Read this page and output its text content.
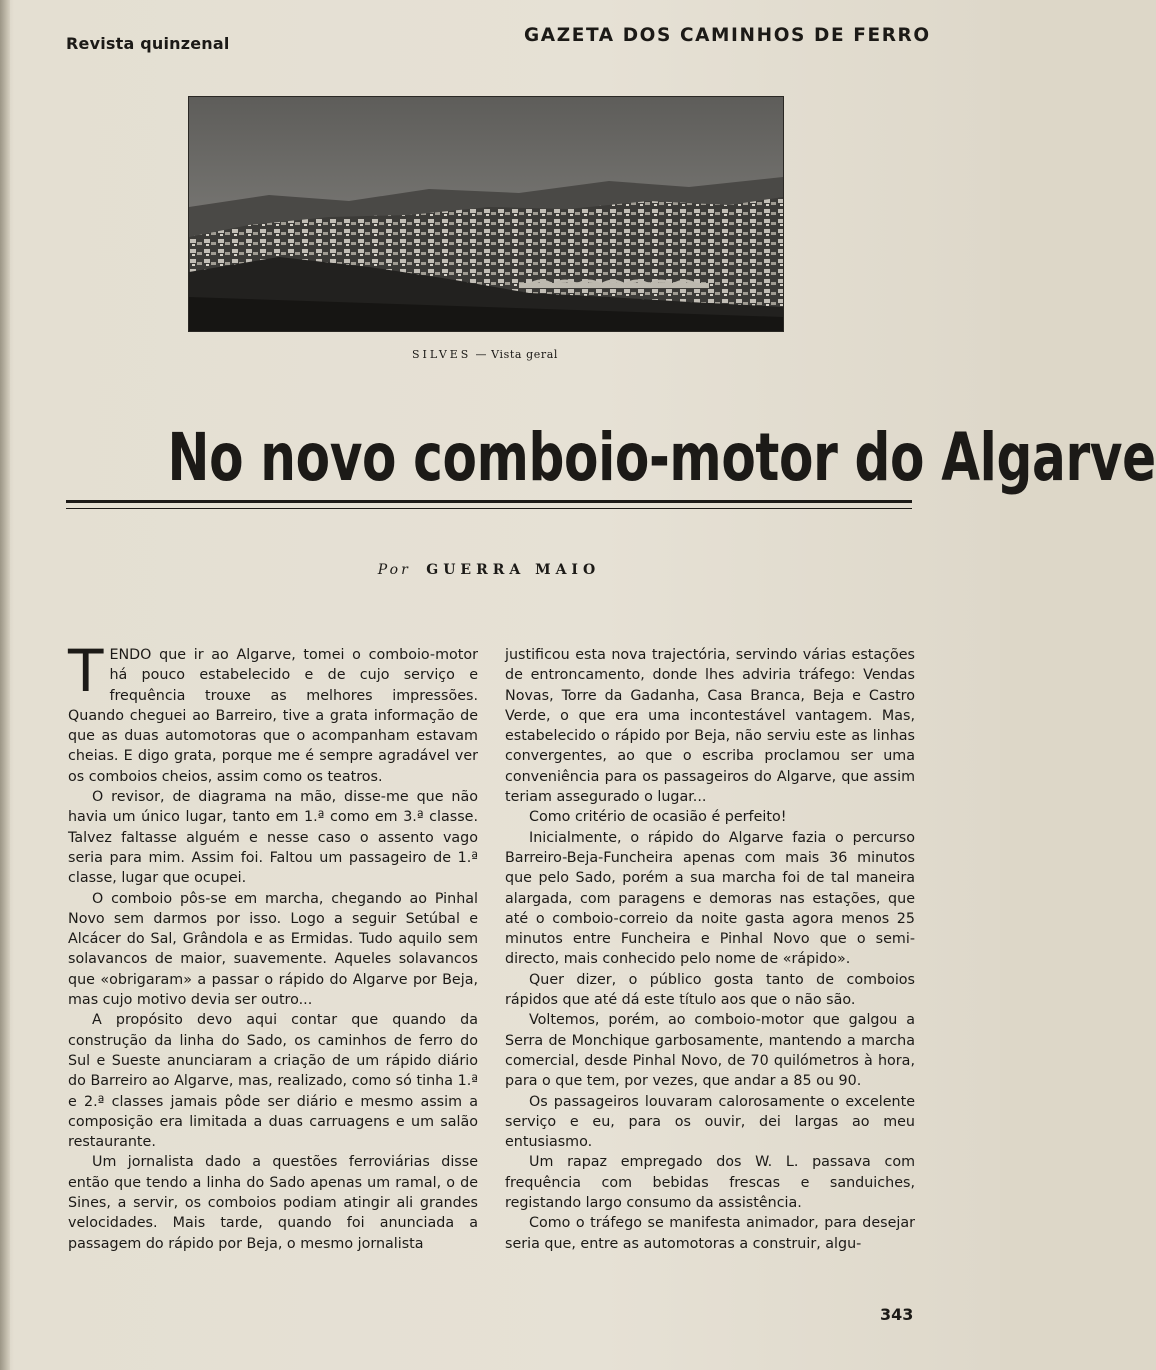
Revista quinzenal	GAZETA DOS CAMINHOS DE FERRO
SILVES — Vista geral
No novo comboio-motor do Algarve
Por GUERRA MAIO

TENDO que ir ao Algarve, tomei o comboio-motor há pouco estabelecido e de cujo serviço e frequência trouxe as melhores impressões. Quando cheguei ao Barreiro, tive a grata informação de que as duas automotoras que o acompanham estavam cheias. E digo grata, porque me é sempre agradável ver os comboios cheios, assim como os teatros.

O revisor, de diagrama na mão, disse-me que não havia um único lugar, tanto em 1.ª como em 3.ª classe. Talvez faltasse alguém e nesse caso o assento vago seria para mim. Assim foi. Faltou um passageiro de 1.ª classe, lugar que ocupei.

O comboio pôs-se em marcha, chegando ao Pinhal Novo sem darmos por isso. Logo a seguir Setúbal e Alcácer do Sal, Grândola e as Ermidas. Tudo aquilo sem solavancos de maior, suavemente. Aqueles solavancos que «obrigaram» a passar o rápido do Algarve por Beja, mas cujo motivo devia ser outro...

A propósito devo aqui contar que quando da construção da linha do Sado, os caminhos de ferro do Sul e Sueste anunciaram a criação de um rápido diário do Barreiro ao Algarve, mas, realizado, como só tinha 1.ª e 2.ª classes jamais pôde ser diário e mesmo assim a composição era limitada a duas carruagens e um salão restaurante.

Um jornalista dado a questões ferroviárias disse então que tendo a linha do Sado apenas um ramal, o de Sines, a servir, os comboios podiam atingir ali grandes velocidades. Mais tarde, quando foi anunciada a passagem do rápido por Beja, o mesmo jornalista

justificou esta nova trajectória, servindo várias estações de entroncamento, donde lhes adviria tráfego: Vendas Novas, Torre da Gadanha, Casa Branca, Beja e Castro Verde, o que era uma incontestável vantagem. Mas, estabelecido o rápido por Beja, não serviu este as linhas convergentes, ao que o escriba proclamou ser uma conveniência para os passageiros do Algarve, que assim teriam assegurado o lugar...

Como critério de ocasião é perfeito!

Inicialmente, o rápido do Algarve fazia o percurso Barreiro-Beja-Funcheira apenas com mais 36 minutos que pelo Sado, porém a sua marcha foi de tal maneira alargada, com paragens e demoras nas estações, que até o comboio-correio da noite gasta agora menos 25 minutos entre Funcheira e Pinhal Novo que o semi-directo, mais conhecido pelo nome de «rápido».

Quer dizer, o público gosta tanto de comboios rápidos que até dá este título aos que o não são.

Voltemos, porém, ao comboio-motor que galgou a Serra de Monchique garbosamente, mantendo a marcha comercial, desde Pinhal Novo, de 70 quilómetros à hora, para o que tem, por vezes, que andar a 85 ou 90.

Os passageiros louvaram calorosamente o excelente serviço e eu, para os ouvir, dei largas ao meu entusiasmo.

Um rapaz empregado dos W. L. passava com frequência com bebidas frescas e sanduiches, registando largo consumo da assistência.

Como o tráfego se manifesta animador, para desejar seria que, entre as automotoras a construir, algu-

343
